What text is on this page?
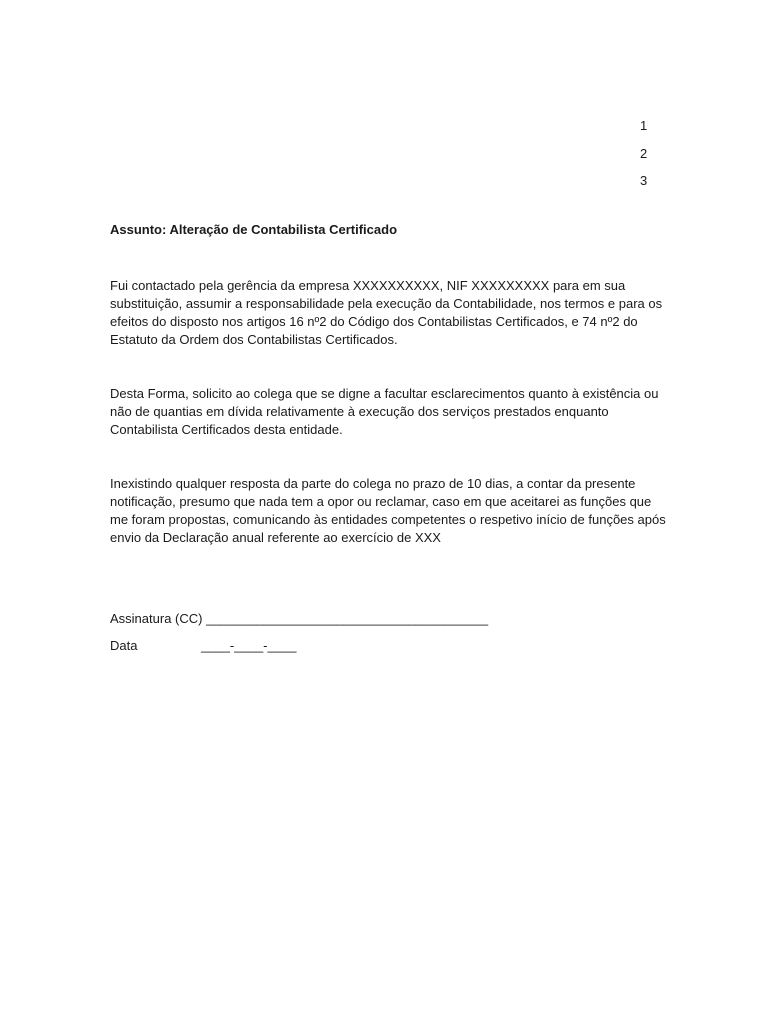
1
2
3
Assunto: Alteração de Contabilista Certificado

Fui contactado pela gerência da empresa XXXXXXXXXX, NIF XXXXXXXXX para em sua substituição, assumir a responsabilidade pela execução da Contabilidade, nos termos e para os efeitos do disposto nos artigos 16 nº2 do Código dos Contabilistas Certificados, e 74 nº2 do Estatuto da Ordem dos Contabilistas Certificados.

Desta Forma, solicito ao colega que se digne a facultar esclarecimentos quanto à existência ou não de quantias em dívida relativamente à execução dos serviços prestados enquanto Contabilista Certificados desta entidade.

Inexistindo qualquer resposta da parte do colega no prazo de 10 dias, a contar da presente notificação, presumo que nada tem a opor ou reclamar, caso em que aceitarei as funções que me foram propostas, comunicando às entidades competentes o respetivo início de funções após envio da Declaração anual referente ao exercício de XXX

Assinatura (CC) _______________________________________
Data	____-____-____
